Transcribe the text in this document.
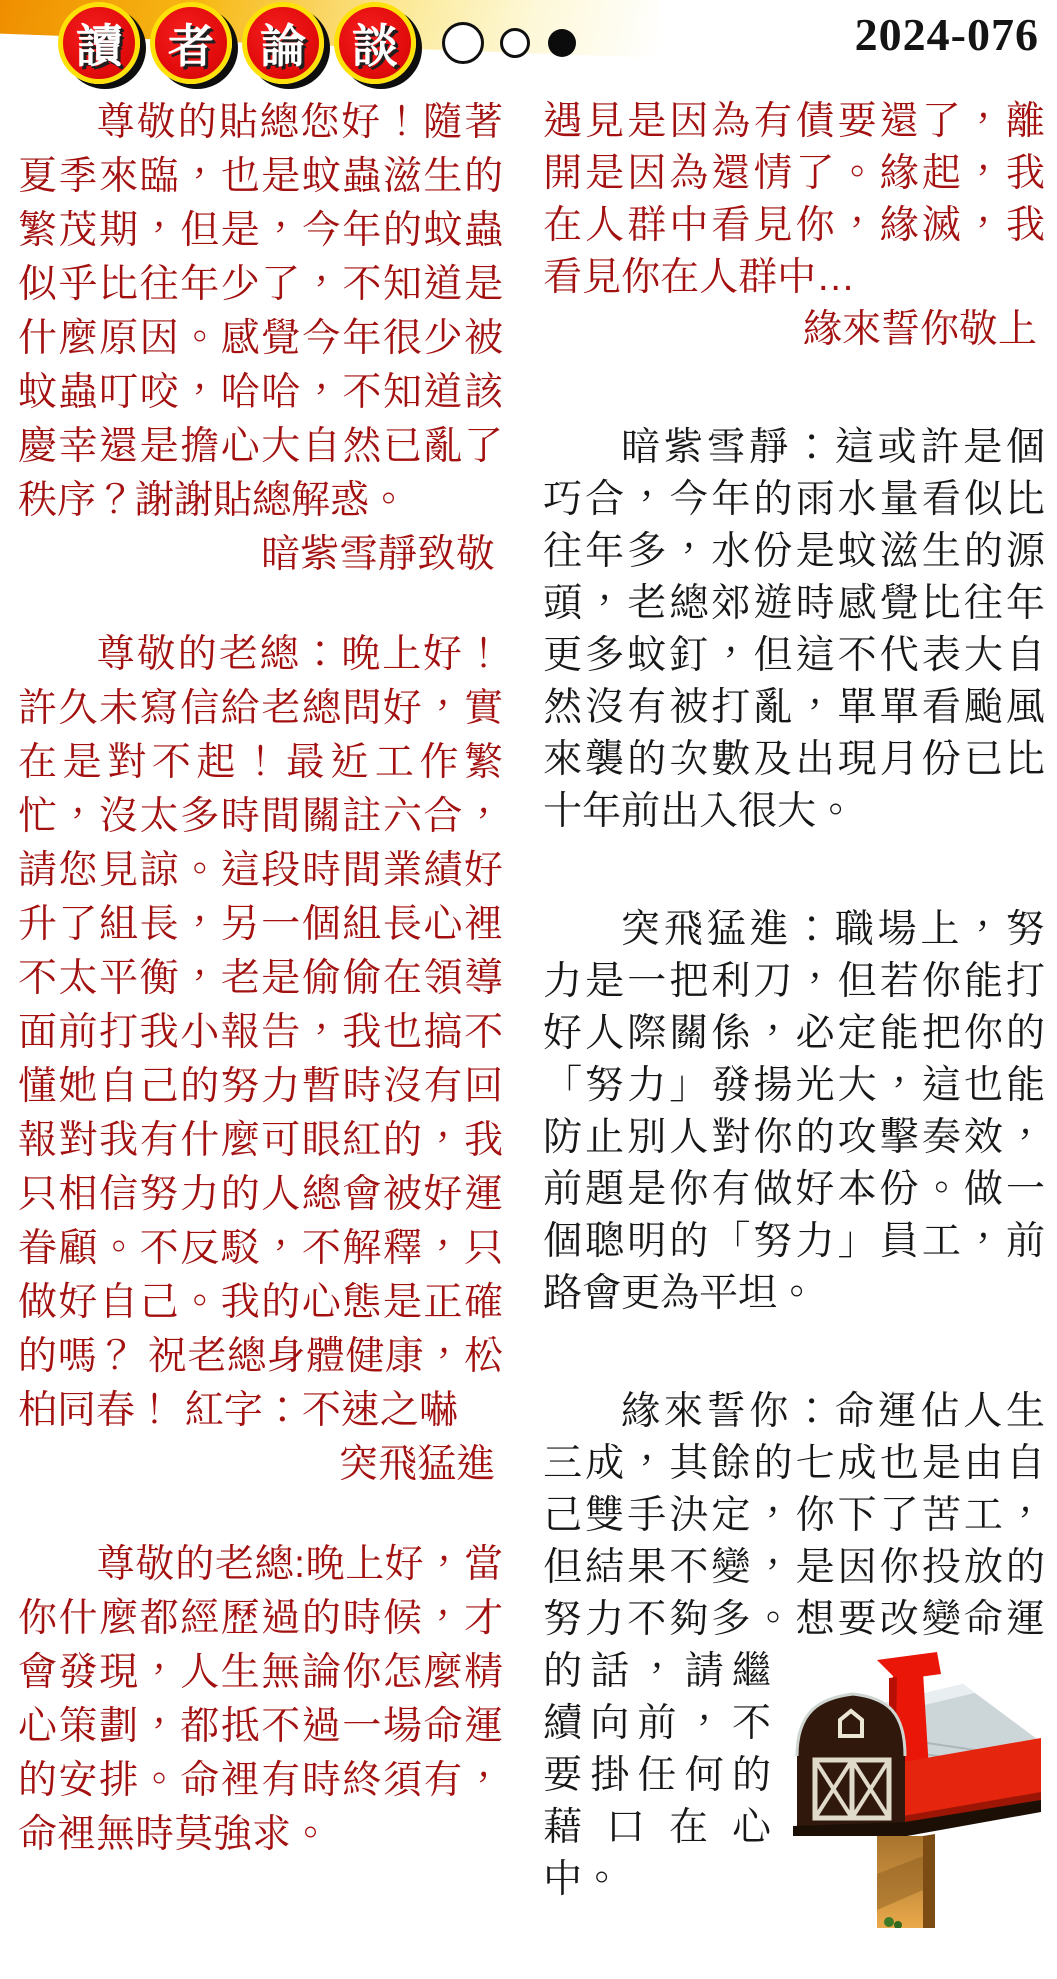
讀	者	論	談	2024-076

尊敬的貼總您好！隨著夏季來臨，也是蚊蟲滋生的繁茂期，但是，今年的蚊蟲似乎比往年少了，不知道是什麼原因。感覺今年很少被蚊蟲叮咬，哈哈，不知道該慶幸還是擔心大自然已亂了秩序？謝謝貼總解惑。

暗紫雪靜致敬

尊敬的老總：晚上好！許久未寫信給老總問好，實在是對不起！最近工作繁忙，沒太多時間關註六合，請您見諒。這段時間業績好升了組長，另一個組長心裡不太平衡，老是偷偷在領導面前打我小報告，我也搞不懂她自己的努力暫時沒有回報對我有什麼可眼紅的，我只相信努力的人總會被好運眷顧。不反駁，不解釋，只做好自己。我的心態是正確的嗎？ 祝老總身體健康，松柏同春！ 紅字：不速之嚇

突飛猛進

尊敬的老總:晚上好，當你什麼都經歷過的時候，才會發現，人生無論你怎麼精心策劃，都抵不過一場命運的安排。命裡有時終須有，命裡無時莫強求。

遇見是因為有債要還了，離開是因為還情了。緣起，我在人群中看見你，緣滅，我看見你在人群中…

緣來誓你敬上

暗紫雪靜：這或許是個巧合，今年的雨水量看似比往年多，水份是蚊滋生的源頭，老總郊遊時感覺比往年更多蚊釘，但這不代表大自然沒有被打亂，單單看颱風來襲的次數及出現月份已比十年前出入很大。

突飛猛進：職場上，努力是一把利刀，但若你能打好人際關係，必定能把你的「努力」發揚光大，這也能防止別人對你的攻擊奏效，前題是你有做好本份。做一個聰明的「努力」員工，前路會更為平坦。

緣來誓你：命運佔人生三成，其餘的七成也是由自己雙手決定，你下了苦工，但結果不變，是因你投放的努力不夠多。想要
改變命運的話，請繼續向前，不要掛任何的藉口在心中。
